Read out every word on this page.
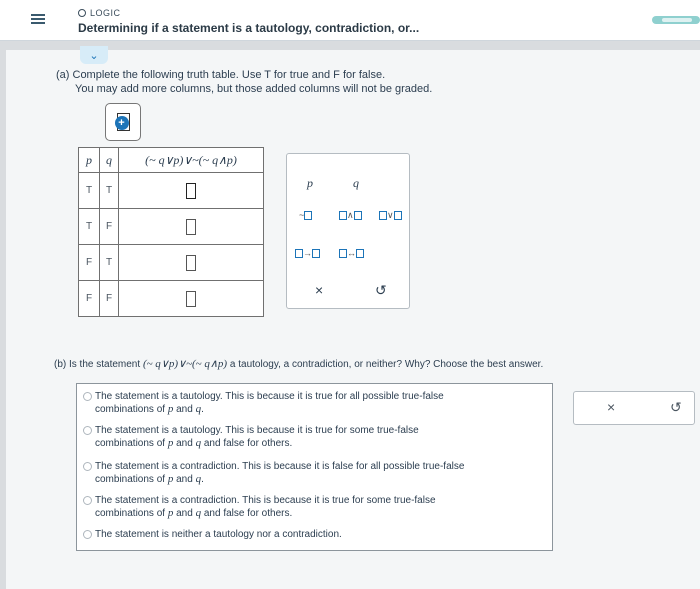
LOGIC
Determining if a statement is a tautology, contradiction, or...
⌄
(a) Complete the following truth table. Use T for true and F for false.
You may add more columns, but those added columns will not be graded.
+
p	q	(~ q∨p)∨~(~ q∧p)
T	T	
T	F	
F	T	
F	F	
p	q
~	∧	∨
→	↔
×	↺
(b) Is the statement (~ q∨p)∨~(~ q∧p) a tautology, a contradiction, or neither? Why? Choose the best answer.
The statement is a tautology. This is because it is true for all possible true-false
combinations of p and q.
The statement is a tautology. This is because it is true for some true-false
combinations of p and q and false for others.
The statement is a contradiction. This is because it is false for all possible true-false
combinations of p and q.
The statement is a contradiction. This is because it is true for some true-false
combinations of p and q and false for others.
The statement is neither a tautology nor a contradiction.
×	↺
